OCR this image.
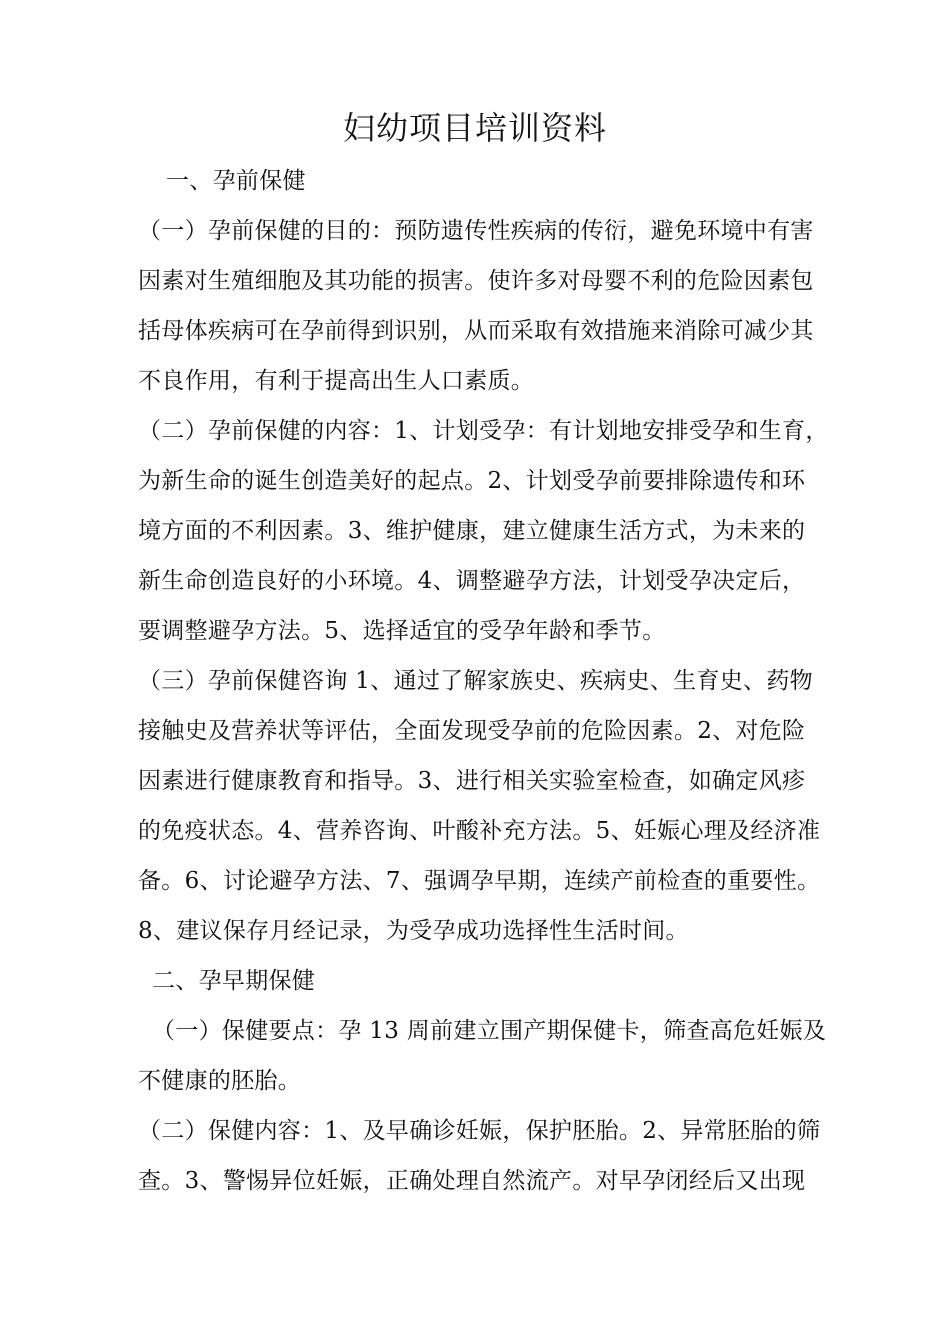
妇幼项目培训资料
一、孕前保健
（一）孕前保健的目的：预防遗传性疾病的传衍，避免环境中有害
因素对生殖细胞及其功能的损害。使许多对母婴不利的危险因素包
括母体疾病可在孕前得到识别，从而采取有效措施来消除可减少其
不良作用，有利于提高出生人口素质。
（二）孕前保健的内容：1、计划受孕：有计划地安排受孕和生育，
为新生命的诞生创造美好的起点。2、计划受孕前要排除遗传和环
境方面的不利因素。3、维护健康，建立健康生活方式，为未来的
新生命创造良好的小环境。4、调整避孕方法，计划受孕决定后，
要调整避孕方法。5、选择适宜的受孕年龄和季节。
（三）孕前保健咨询 1、通过了解家族史、疾病史、生育史、药物
接触史及营养状等评估，全面发现受孕前的危险因素。2、对危险
因素进行健康教育和指导。3、进行相关实验室检查，如确定风疹
的免疫状态。4、营养咨询、叶酸补充方法。5、妊娠心理及经济准
备。6、讨论避孕方法、7、强调孕早期，连续产前检查的重要性。
8、建议保存月经记录，为受孕成功选择性生活时间。
二、孕早期保健
（一）保健要点：孕 13 周前建立围产期保健卡，筛查高危妊娠及
不健康的胚胎。
（二）保健内容：1、及早确诊妊娠，保护胚胎。2、异常胚胎的筛
查。3、警惕异位妊娠，正确处理自然流产。对早孕闭经后又出现
